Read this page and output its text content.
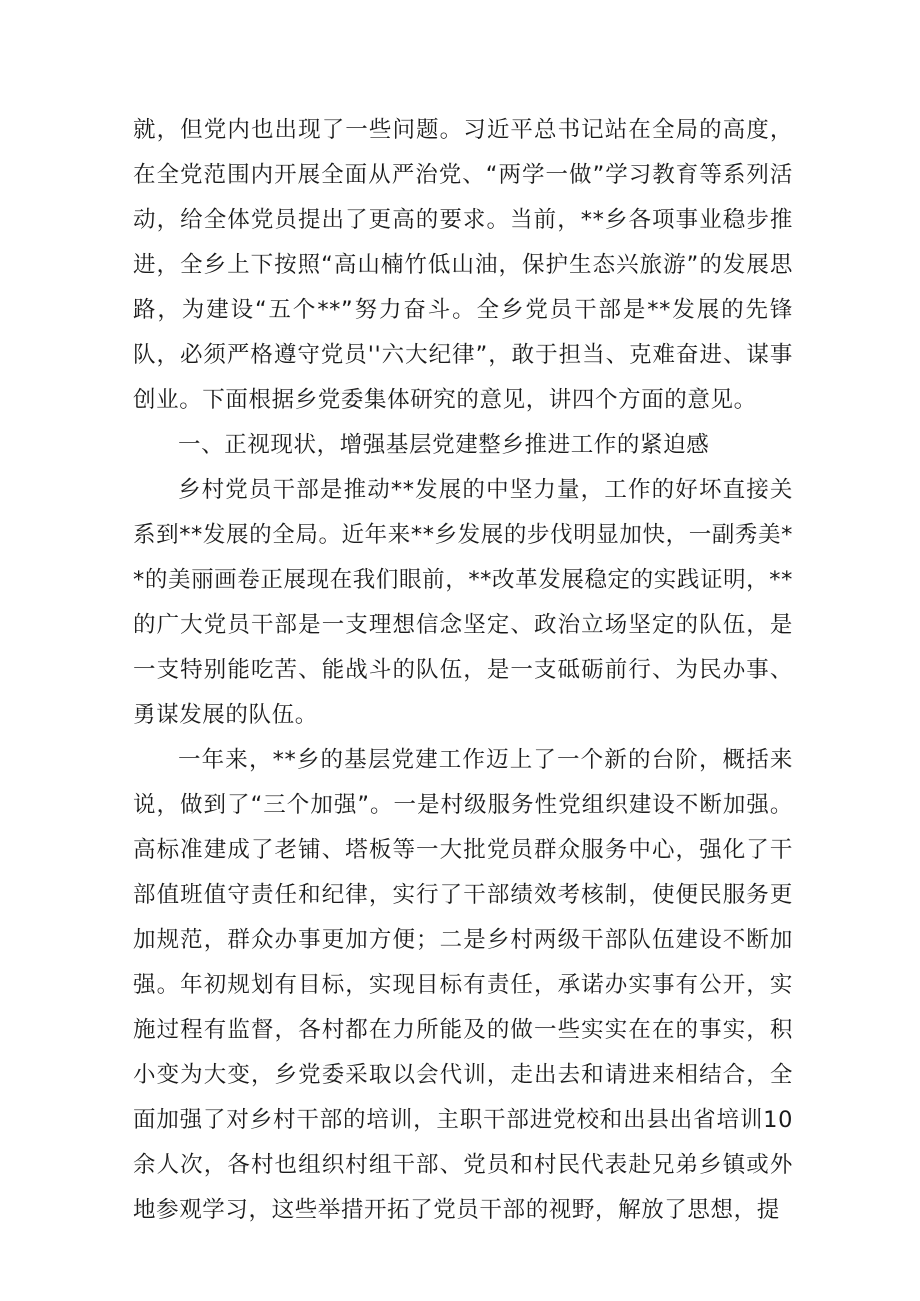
就，但党内也出现了一些问题。习近平总书记站在全局的高度，在全党范围内开展全面从严治党、“两学一做”学习教育等系列活动，给全体党员提出了更高的要求。当前，**乡各项事业稳步推进，全乡上下按照“高山楠竹低山油，保护生态兴旅游”的发展思路，为建设“五个**”努力奋斗。全乡党员干部是**发展的先锋队，必须严格遵守党员''六大纪律”，敢于担当、克难奋进、谋事创业。下面根据乡党委集体研究的意见，讲四个方面的意见。

一、正视现状，增强基层党建整乡推进工作的紧迫感

乡村党员干部是推动**发展的中坚力量，工作的好坏直接关系到**发展的全局。近年来**乡发展的步伐明显加快，一副秀美**的美丽画卷正展现在我们眼前，**改革发展稳定的实践证明，**的广大党员干部是一支理想信念坚定、政治立场坚定的队伍，是一支特别能吃苦、能战斗的队伍，是一支砥砺前行、为民办事、勇谋发展的队伍。

一年来，**乡的基层党建工作迈上了一个新的台阶，概括来说，做到了“三个加强”。一是村级服务性党组织建设不断加强。高标准建成了老铺、塔板等一大批党员群众服务中心，强化了干部值班值守责任和纪律，实行了干部绩效考核制，使便民服务更加规范，群众办事更加方便；二是乡村两级干部队伍建设不断加强。年初规划有目标，实现目标有责任，承诺办实事有公开，实施过程有监督，各村都在力所能及的做一些实实在在的事实，积小变为大变，乡党委采取以会代训，走出去和请进来相结合，全面加强了对乡村干部的培训，主职干部进党校和出县出省培训10余人次，各村也组织村组干部、党员和村民代表赴兄弟乡镇或外地参观学习，这些举措开拓了党员干部的视野，解放了思想，提
